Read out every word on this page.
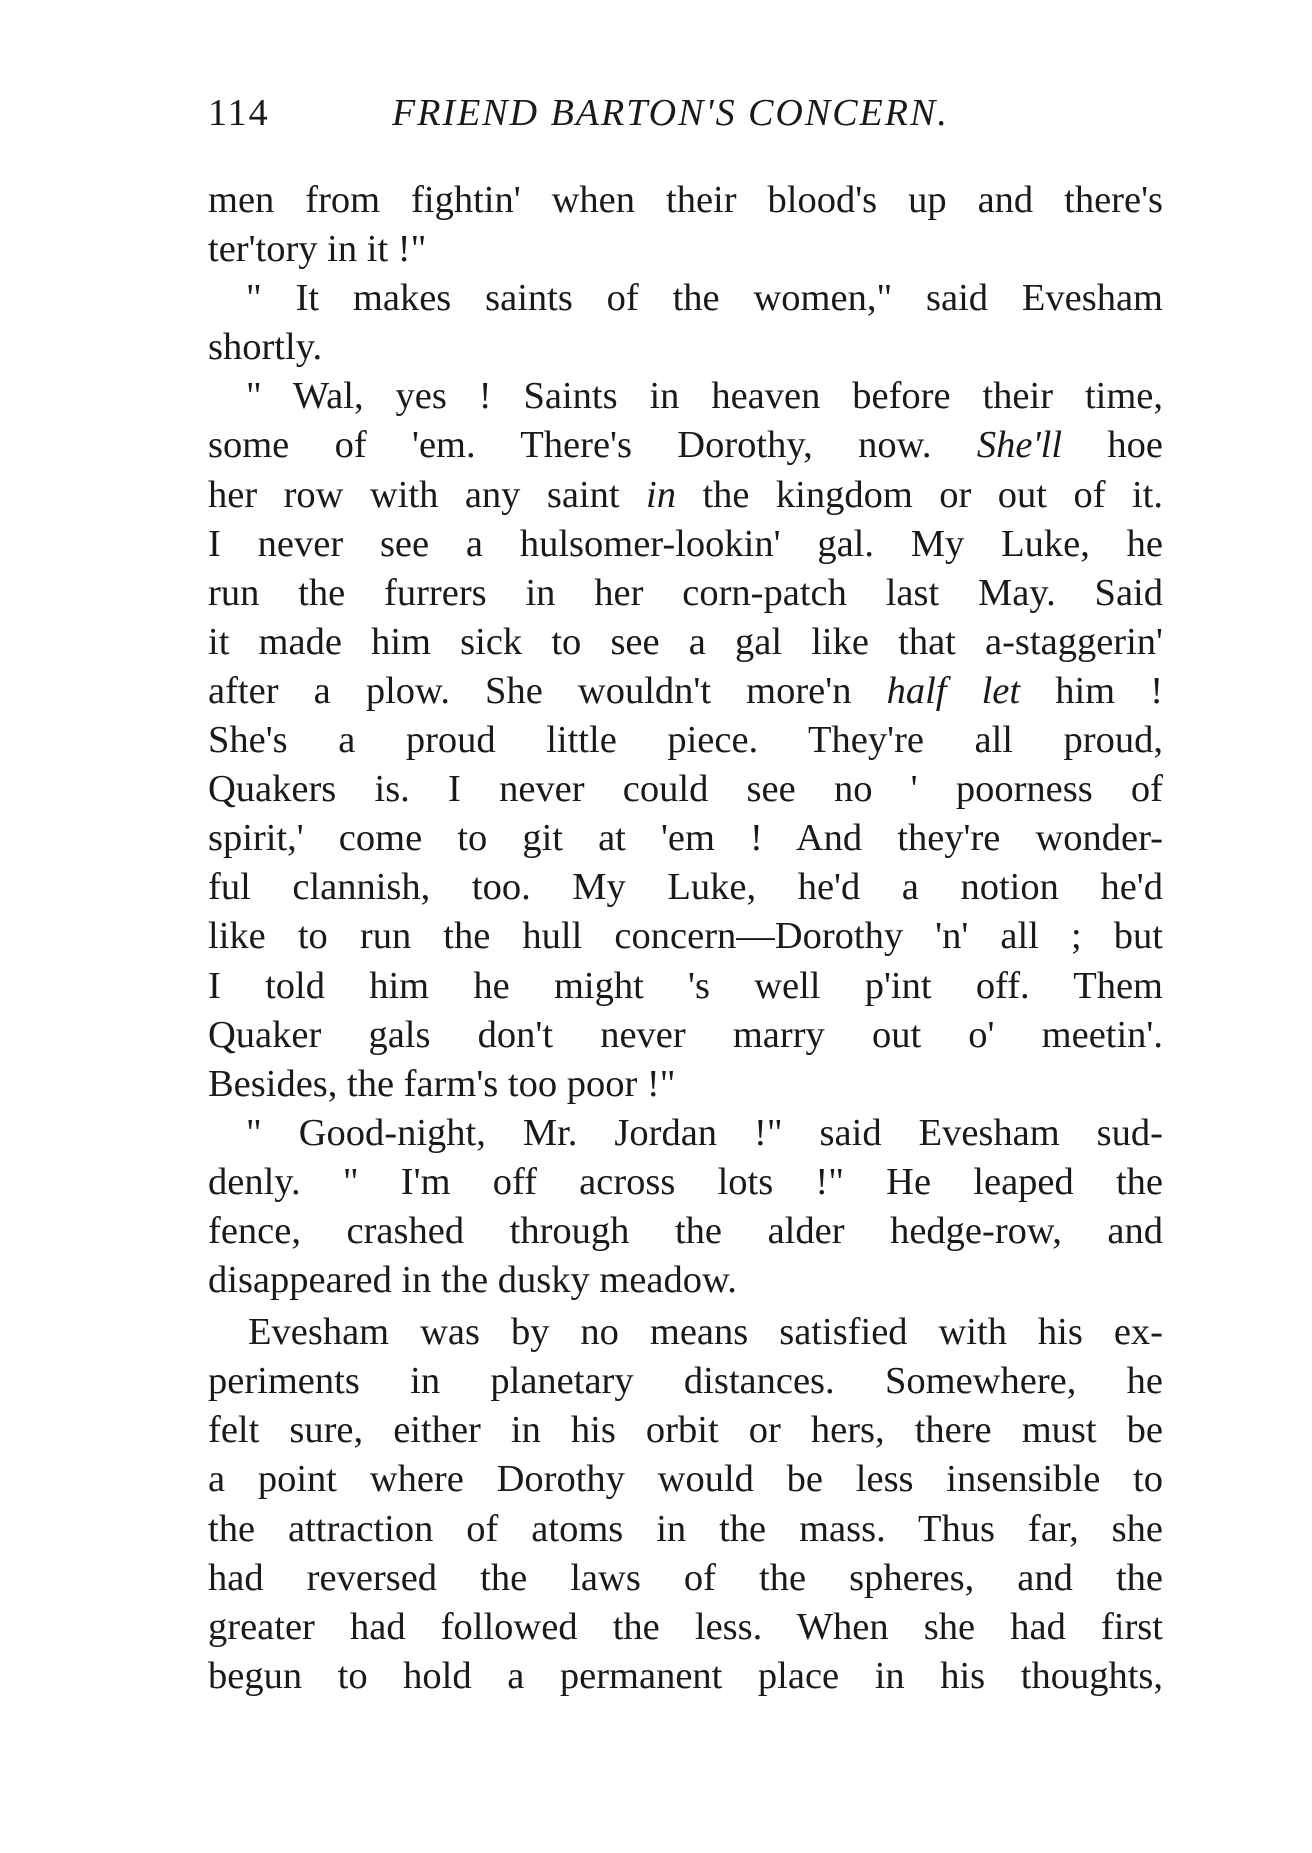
114	FRIEND BARTON'S CONCERN.
men from fightin' when their blood's up and there's
ter'tory in it !"
" It makes saints of the women," said Evesham
shortly.
" Wal, yes ! Saints in heaven before their time,
some of 'em. There's Dorothy, now. She'll hoe
her row with any saint in the kingdom or out of it.
I never see a hulsomer-lookin' gal. My Luke, he
run the furrers in her corn-patch last May. Said
it made him sick to see a gal like that a-staggerin'
after a plow. She wouldn't more'n half let him !
She's a proud little piece. They're all proud,
Quakers is. I never could see no ' poorness of
spirit,' come to git at 'em ! And they're wonder-
ful clannish, too. My Luke, he'd a notion he'd
like to run the hull concern—Dorothy 'n' all ; but
I told him he might 's well p'int off. Them
Quaker gals don't never marry out o' meetin'.
Besides, the farm's too poor !"
" Good-night, Mr. Jordan !" said Evesham sud-
denly. " I'm off across lots !" He leaped the
fence, crashed through the alder hedge-row, and
disappeared in the dusky meadow.
Evesham was by no means satisfied with his ex-
periments in planetary distances. Somewhere, he
felt sure, either in his orbit or hers, there must be
a point where Dorothy would be less insensible to
the attraction of atoms in the mass. Thus far, she
had reversed the laws of the spheres, and the
greater had followed the less. When she had first
begun to hold a permanent place in his thoughts,
